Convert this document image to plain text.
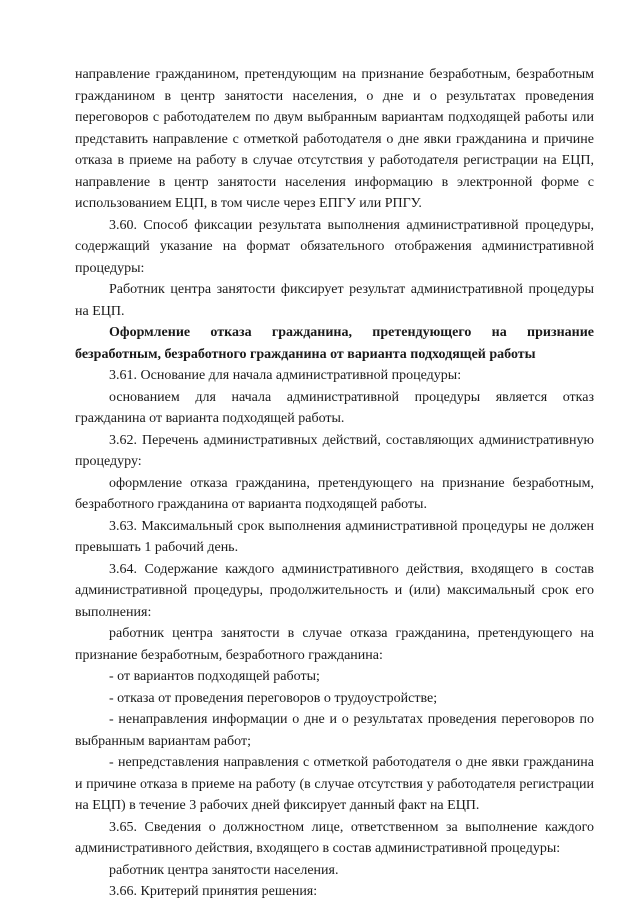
направление гражданином, претендующим на признание безработным, безработным гражданином в центр занятости населения, о дне и о результатах проведения переговоров с работодателем по двум выбранным вариантам подходящей работы или представить направление с отметкой работодателя о дне явки гражданина и причине отказа в приеме на работу в случае отсутствия у работодателя регистрации на ЕЦП, направление в центр занятости населения информацию в электронной форме с использованием ЕЦП, в том числе через ЕПГУ или РПГУ.

3.60. Способ фиксации результата выполнения административной процедуры, содержащий указание на формат обязательного отображения административной процедуры:

Работник центра занятости фиксирует результат административной процедуры на ЕЦП.

Оформление отказа гражданина, претендующего на признание безработным, безработного гражданина от варианта подходящей работы

3.61. Основание для начала административной процедуры:

основанием для начала административной процедуры является отказ гражданина от варианта подходящей работы.

3.62. Перечень административных действий, составляющих административную процедуру:

оформление отказа гражданина, претендующего на признание безработным, безработного гражданина от варианта подходящей работы.

3.63. Максимальный срок выполнения административной процедуры не должен превышать 1 рабочий день.

3.64. Содержание каждого административного действия, входящего в состав административной процедуры, продолжительность и (или) максимальный срок его выполнения:

работник центра занятости в случае отказа гражданина, претендующего на признание безработным, безработного гражданина:

- от вариантов подходящей работы;

- отказа от проведения переговоров о трудоустройстве;

- ненаправления информации о дне и о результатах проведения переговоров по выбранным вариантам работ;

- непредставления направления с отметкой работодателя о дне явки гражданина и причине отказа в приеме на работу (в случае отсутствия у работодателя регистрации на ЕЦП) в течение 3 рабочих дней фиксирует данный факт на ЕЦП.

3.65. Сведения о должностном лице, ответственном за выполнение каждого административного действия, входящего в состав административной процедуры:

работник центра занятости населения.

3.66. Критерий принятия решения:
